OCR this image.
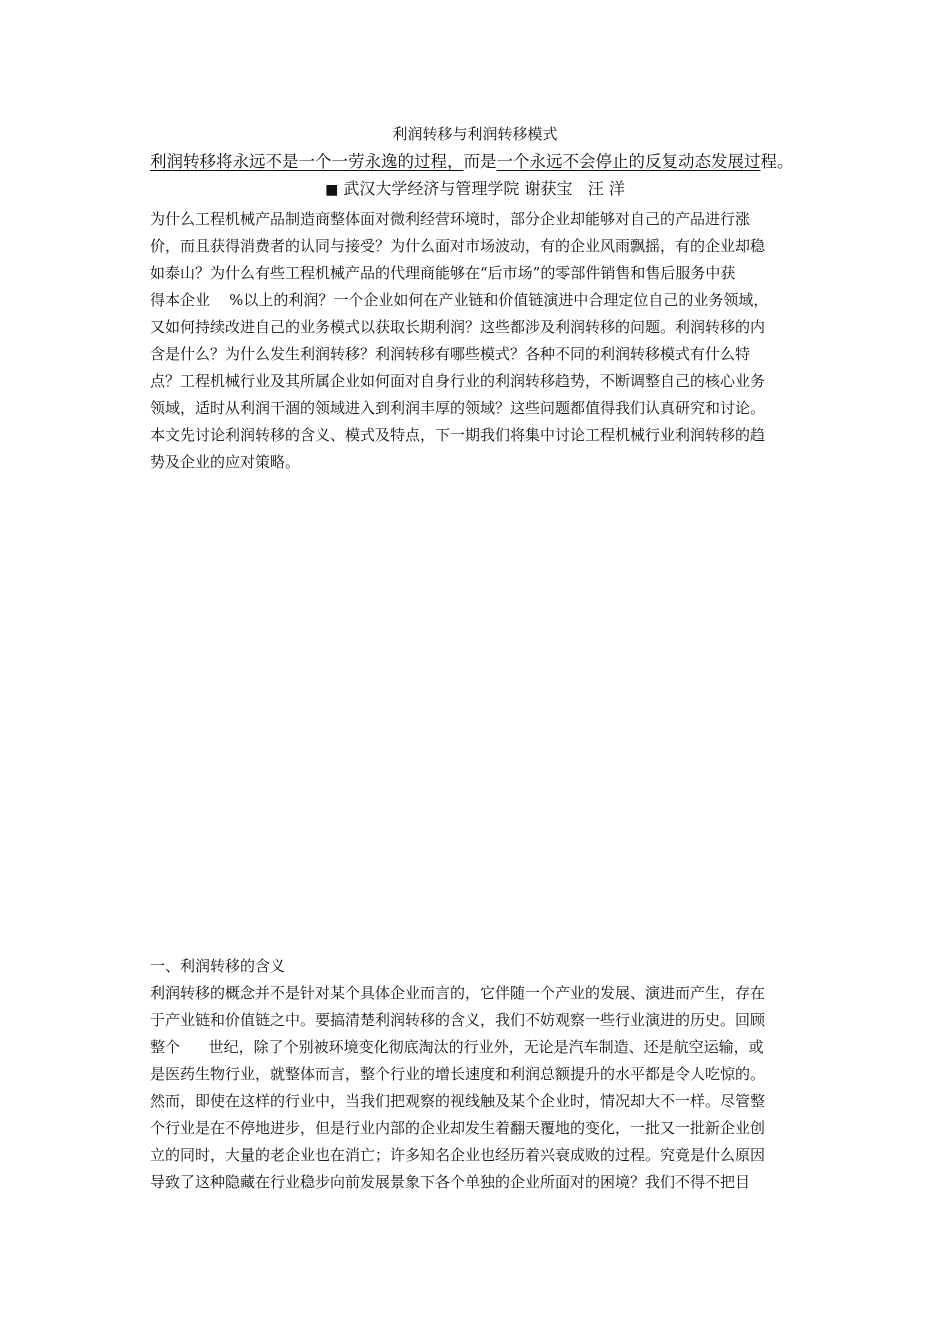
利润转移与利润转移模式
利润转移将永远不是一个一劳永逸的过程，而是一个永远不会停止的反复动态发展过程。
■ 武汉大学经济与管理学院 谢获宝   汪 洋
为什么工程机械产品制造商整体面对微利经营环境时，部分企业却能够对自己的产品进行涨
价，而且获得消费者的认同与接受？为什么面对市场波动，有的企业风雨飘摇，有的企业却稳
如泰山？为什么有些工程机械产品的代理商能够在“后市场”的零部件销售和售后服务中获
得本企业    %以上的利润？一个企业如何在产业链和价值链演进中合理定位自己的业务领域，
又如何持续改进自己的业务模式以获取长期利润？这些都涉及利润转移的问题。利润转移的内
含是什么？为什么发生利润转移？利润转移有哪些模式？各种不同的利润转移模式有什么特
点？工程机械行业及其所属企业如何面对自身行业的利润转移趋势，不断调整自己的核心业务
领域，适时从利润干涸的领域进入到利润丰厚的领域？这些问题都值得我们认真研究和讨论。
本文先讨论利润转移的含义、模式及特点，下一期我们将集中讨论工程机械行业利润转移的趋
势及企业的应对策略。
一、利润转移的含义
利润转移的概念并不是针对某个具体企业而言的，它伴随一个产业的发展、演进而产生，存在
于产业链和价值链之中。要搞清楚利润转移的含义，我们不妨观察一些行业演进的历史。回顾
整个      世纪，除了个别被环境变化彻底淘汰的行业外，无论是汽车制造、还是航空运输，或
是医药生物行业，就整体而言，整个行业的增长速度和利润总额提升的水平都是令人吃惊的。
然而，即使在这样的行业中，当我们把观察的视线触及某个企业时，情况却大不一样。尽管整
个行业是在不停地进步，但是行业内部的企业却发生着翻天覆地的变化，一批又一批新企业创
立的同时，大量的老企业也在消亡；许多知名企业也经历着兴衰成败的过程。究竟是什么原因
导致了这种隐藏在行业稳步向前发展景象下各个单独的企业所面对的困境？我们不得不把目
